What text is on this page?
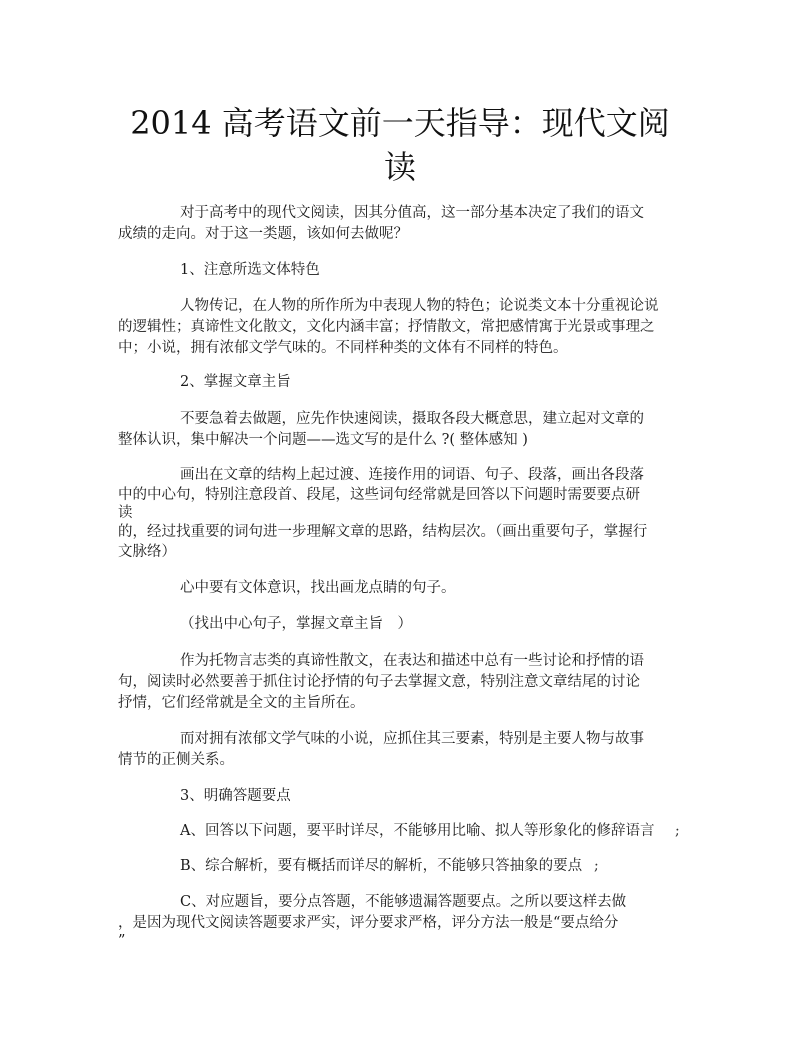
2014 高考语文前一天指导：现代文阅
读
对于高考中的现代文阅读，因其分值高，这一部分基本决定了我们的语文
成绩的走向。对于这一类题，该如何去做呢？
1、注意所选文体特色
人物传记，在人物的所作所为中表现人物的特色；论说类文本十分重视论说
的逻辑性；真谛性文化散文，文化内涵丰富；抒情散文，常把感情寓于光景或事理之
中；小说，拥有浓郁文学气味的。不同样种类的文体有不同样的特色。
2、掌握文章主旨
不要急着去做题，应先作快速阅读，摄取各段大概意思，建立起对文章的
整体认识，集中解决一个问题——选文写的是什么 ?( 整体感知 )
画出在文章的结构上起过渡、连接作用的词语、句子、段落，画出各段落
中的中心句，特别注意段首、段尾，这些词句经常就是回答以下问题时需要要点研
读
的，经过找重要的词句进一步理解文章的思路，结构层次。（画出重要句子，掌握行
文脉络）
心中要有文体意识，找出画龙点睛的句子。
（找出中心句子，掌握文章主旨　）
作为托物言志类的真谛性散文，在表达和描述中总有一些讨论和抒情的语
句，阅读时必然要善于抓住讨论抒情的句子去掌握文意，特别注意文章结尾的讨论
抒情，它们经常就是全文的主旨所在。
而对拥有浓郁文学气味的小说，应抓住其三要素，特别是主要人物与故事
情节的正侧关系。
3、明确答题要点
A、回答以下问题，要平时详尽，不能够用比喻、拟人等形象化的修辞语言 ;
B、综合解析，要有概括而详尽的解析，不能够只答抽象的要点 ;
C、对应题旨，要分点答题，不能够遗漏答题要点。之所以要这样去做
，是因为现代文阅读答题要求严实，评分要求严格，评分方法一般是“要点给分
”
